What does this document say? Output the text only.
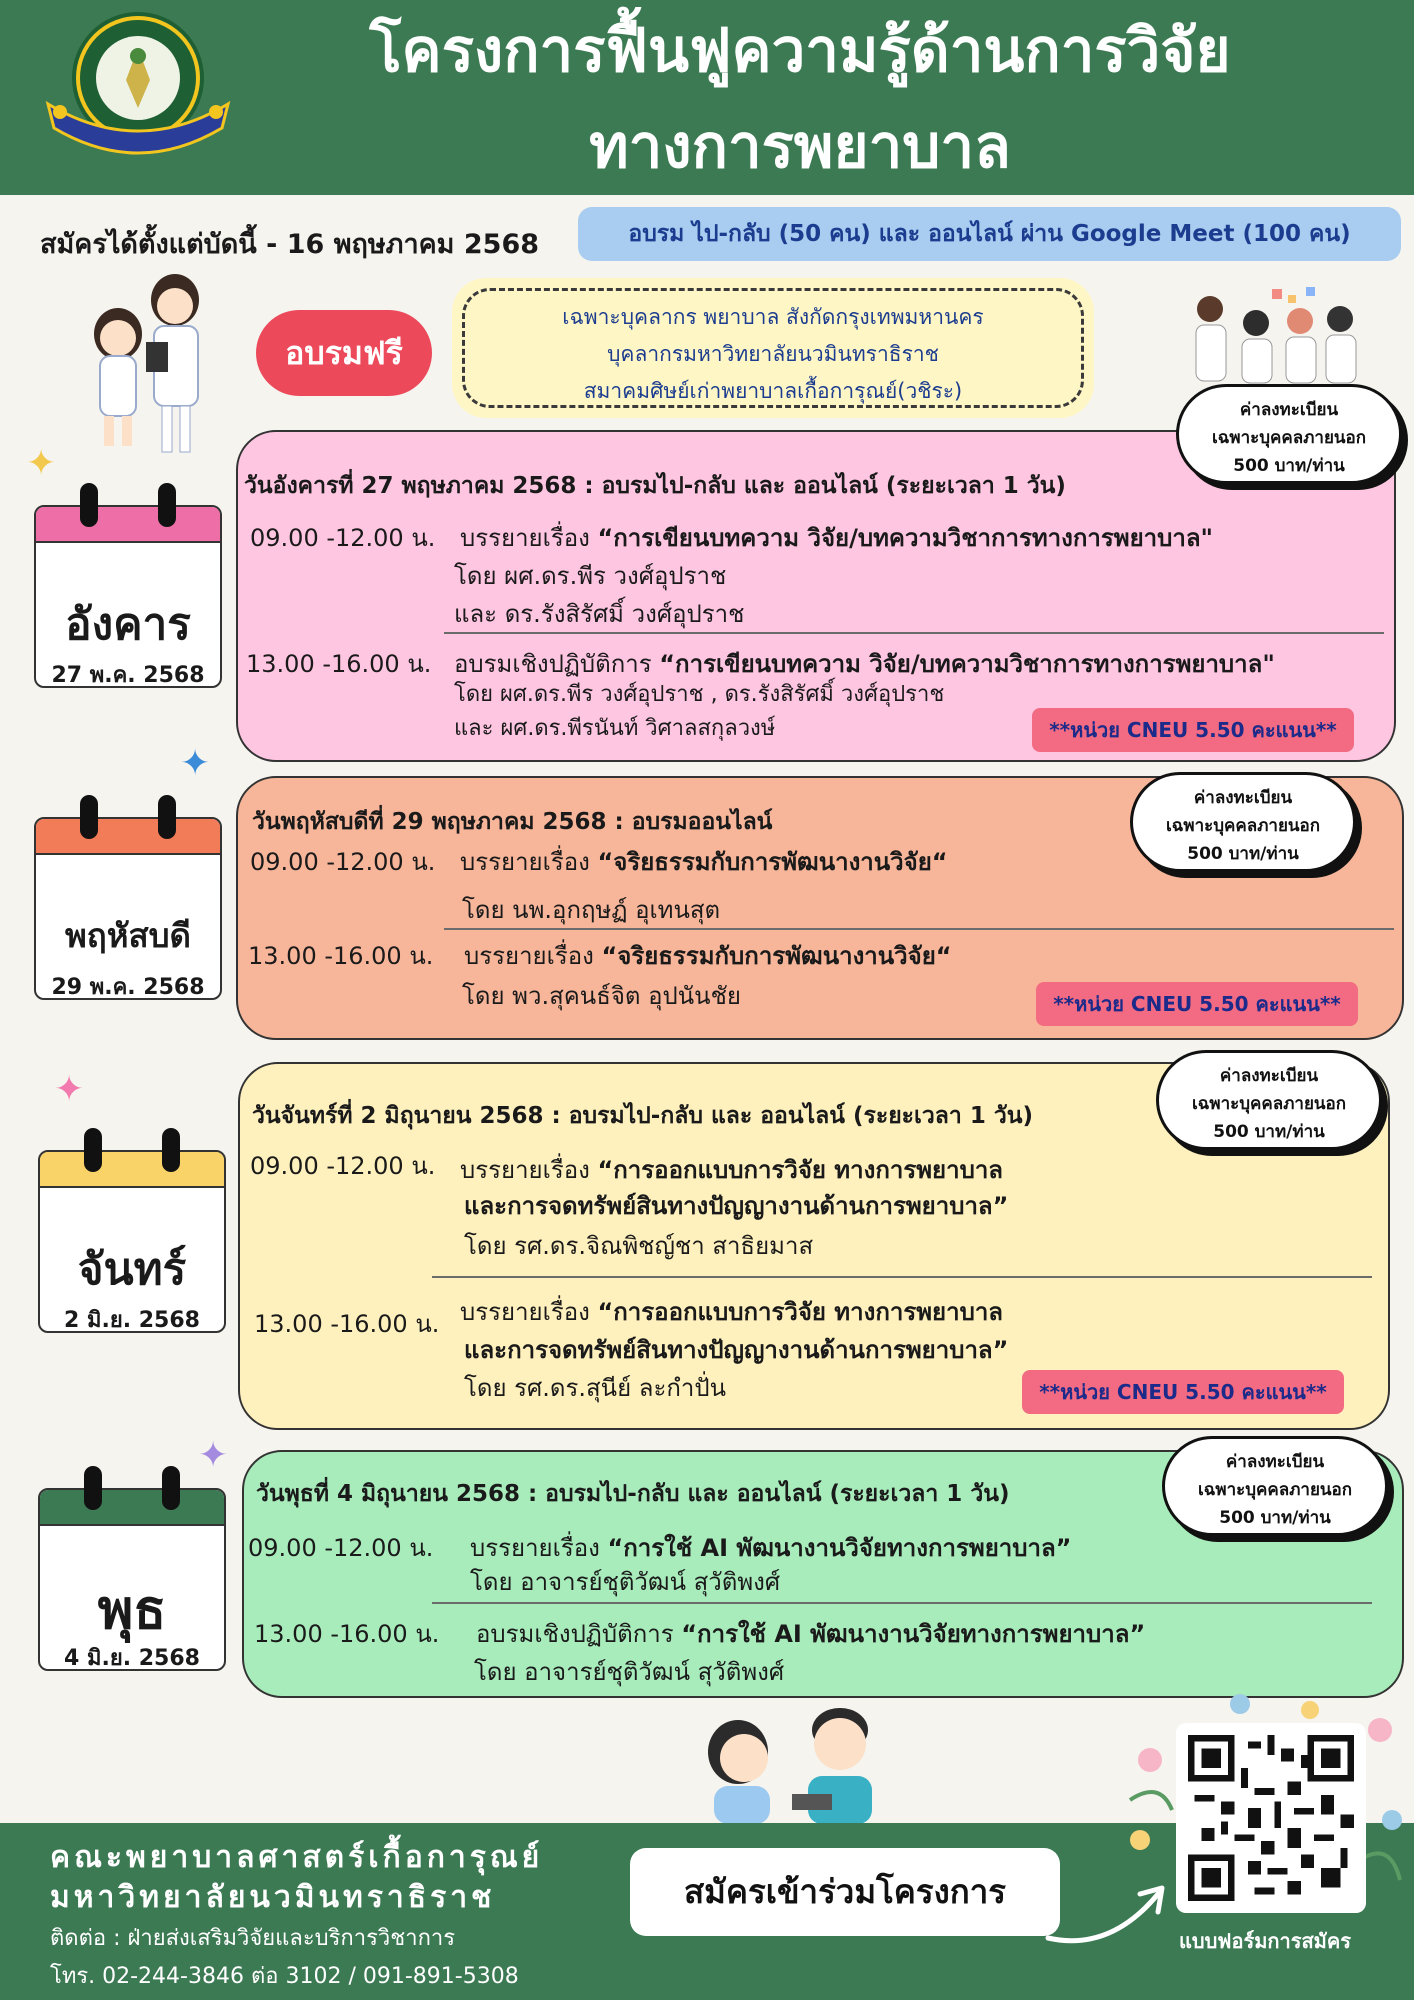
โครงการฟื้นฟูความรู้ด้านการวิจัย
ทางการพยาบาล
สมัครได้ตั้งแต่บัดนี้ - 16 พฤษภาคม 2568	อบรม ไป-กลับ (50 คน) และ ออนไลน์ ผ่าน Google Meet (100 คน)
✦
อบรมฟรี
เฉพาะบุคลากร พยาบาล สังกัดกรุงเทพมหานคร
บุคลากรมหาวิทยาลัยนวมินทราธิราช
สมาคมศิษย์เก่าพยาบาลเกื้อการุณย์(วชิระ)
อังคาร
27 พ.ค. 2568
วันอังคารที่ 27 พฤษภาคม 2568 : อบรมไป-กลับ และ ออนไลน์ (ระยะเวลา 1 วัน)
09.00 -12.00 น. บรรยายเรื่อง “การเขียนบทความ วิจัย/บทความวิชาการทางการพยาบาล"
โดย ผศ.ดร.พีร วงศ์อุปราช
และ ดร.รังสิรัศมิ์ วงศ์อุปราช
13.00 -16.00 น. อบรมเชิงปฏิบัติการ “การเขียนบทความ วิจัย/บทความวิชาการทางการพยาบาล"
โดย ผศ.ดร.พีร วงศ์อุปราช , ดร.รังสิรัศมิ์ วงศ์อุปราช
และ ผศ.ดร.พีรนันท์ วิศาลสกุลวงษ์	**หน่วย CNEU 5.50 คะแนน**
ค่าลงทะเบียน
เฉพาะบุคคลภายนอก
500 บาท/ท่าน
✦
พฤหัสบดี
29 พ.ค. 2568
วันพฤหัสบดีที่ 29 พฤษภาคม 2568 : อบรมออนไลน์
09.00 -12.00 น. บรรยายเรื่อง “จริยธรรมกับการพัฒนางานวิจัย“
โดย นพ.อุกฤษฏ์ อุเทนสุต
13.00 -16.00 น. บรรยายเรื่อง “จริยธรรมกับการพัฒนางานวิจัย“
โดย พว.สุคนธ์จิต อุปนันชัย	**หน่วย CNEU 5.50 คะแนน**
ค่าลงทะเบียน
เฉพาะบุคคลภายนอก
500 บาท/ท่าน
✦
จันทร์
2 มิ.ย. 2568
วันจันทร์ที่ 2 มิถุนายน 2568 : อบรมไป-กลับ และ ออนไลน์ (ระยะเวลา 1 วัน)
09.00 -12.00 น. บรรยายเรื่อง “การออกแบบการวิจัย ทางการพยาบาล
และการจดทรัพย์สินทางปัญญางานด้านการพยาบาล”
โดย รศ.ดร.จิณพิชญ์ชา สาธิยมาส
13.00 -16.00 น. บรรยายเรื่อง “การออกแบบการวิจัย ทางการพยาบาล
และการจดทรัพย์สินทางปัญญางานด้านการพยาบาล”
โดย รศ.ดร.สุนีย์ ละกำปั่น	**หน่วย CNEU 5.50 คะแนน**
ค่าลงทะเบียน
เฉพาะบุคคลภายนอก
500 บาท/ท่าน
✦
พุธ
4 มิ.ย. 2568
วันพุธที่ 4 มิถุนายน 2568 : อบรมไป-กลับ และ ออนไลน์ (ระยะเวลา 1 วัน)
09.00 -12.00 น. บรรยายเรื่อง “การใช้ AI พัฒนางานวิจัยทางการพยาบาล”
โดย อาจารย์ชุติวัฒน์ สุวัติพงศ์
13.00 -16.00 น. อบรมเชิงปฏิบัติการ “การใช้ AI พัฒนางานวิจัยทางการพยาบาล”
โดย อาจารย์ชุติวัฒน์ สุวัติพงศ์
ค่าลงทะเบียน
เฉพาะบุคคลภายนอก
500 บาท/ท่าน
คณะพยาบาลศาสตร์เกื้อการุณย์
มหาวิทยาลัยนวมินทราธิราช
ติดต่อ : ฝ่ายส่งเสริมวิจัยและบริการวิชาการ
โทร. 02-244-3846 ต่อ 3102 / 091-891-5308
สมัครเข้าร่วมโครงการ
แบบฟอร์มการสมัคร
